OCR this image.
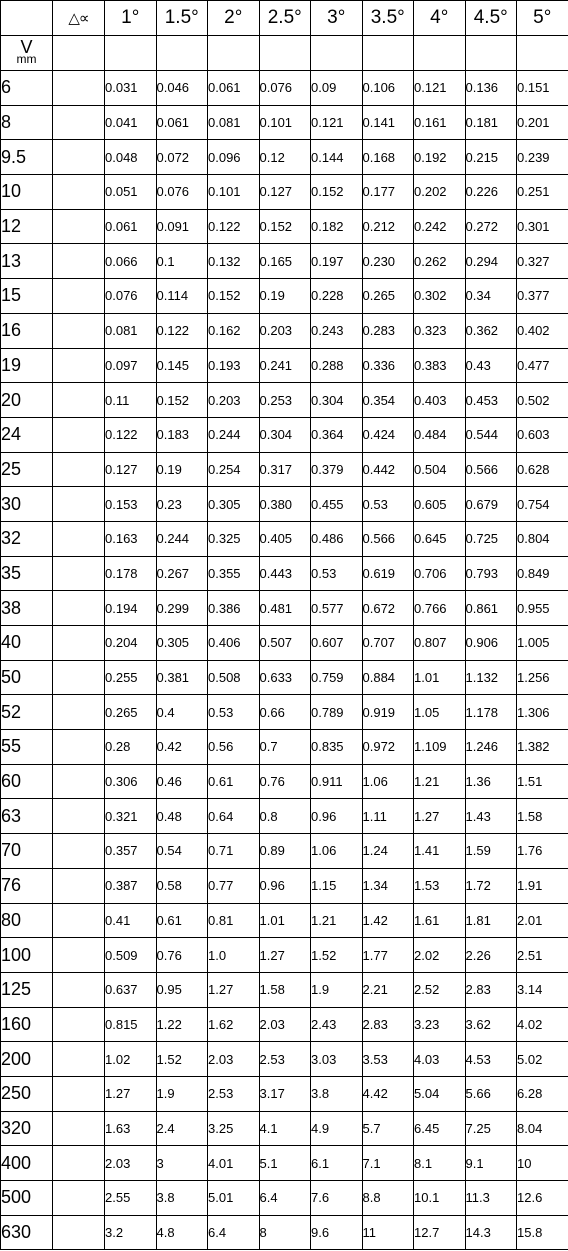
	△∝	1°	1.5°	2°	2.5°	3°	3.5°	4°	4.5°	5°

V
mm										

6		0.031	0.046	0.061	0.076	0.09	0.106	0.121	0.136	0.151
8		0.041	0.061	0.081	0.101	0.121	0.141	0.161	0.181	0.201
9.5		0.048	0.072	0.096	0.12	0.144	0.168	0.192	0.215	0.239
10		0.051	0.076	0.101	0.127	0.152	0.177	0.202	0.226	0.251
12		0.061	0.091	0.122	0.152	0.182	0.212	0.242	0.272	0.301
13		0.066	0.1	0.132	0.165	0.197	0.230	0.262	0.294	0.327
15		0.076	0.114	0.152	0.19	0.228	0.265	0.302	0.34	0.377
16		0.081	0.122	0.162	0.203	0.243	0.283	0.323	0.362	0.402
19		0.097	0.145	0.193	0.241	0.288	0.336	0.383	0.43	0.477
20		0.11	0.152	0.203	0.253	0.304	0.354	0.403	0.453	0.502
24		0.122	0.183	0.244	0.304	0.364	0.424	0.484	0.544	0.603
25		0.127	0.19	0.254	0.317	0.379	0.442	0.504	0.566	0.628
30		0.153	0.23	0.305	0.380	0.455	0.53	0.605	0.679	0.754
32		0.163	0.244	0.325	0.405	0.486	0.566	0.645	0.725	0.804
35		0.178	0.267	0.355	0.443	0.53	0.619	0.706	0.793	0.849
38		0.194	0.299	0.386	0.481	0.577	0.672	0.766	0.861	0.955
40		0.204	0.305	0.406	0.507	0.607	0.707	0.807	0.906	1.005
50		0.255	0.381	0.508	0.633	0.759	0.884	1.01	1.132	1.256
52		0.265	0.4	0.53	0.66	0.789	0.919	1.05	1.178	1.306
55		0.28	0.42	0.56	0.7	0.835	0.972	1.109	1.246	1.382
60		0.306	0.46	0.61	0.76	0.911	1.06	1.21	1.36	1.51
63		0.321	0.48	0.64	0.8	0.96	1.11	1.27	1.43	1.58
70		0.357	0.54	0.71	0.89	1.06	1.24	1.41	1.59	1.76
76		0.387	0.58	0.77	0.96	1.15	1.34	1.53	1.72	1.91
80		0.41	0.61	0.81	1.01	1.21	1.42	1.61	1.81	2.01
100		0.509	0.76	1.0	1.27	1.52	1.77	2.02	2.26	2.51
125		0.637	0.95	1.27	1.58	1.9	2.21	2.52	2.83	3.14
160		0.815	1.22	1.62	2.03	2.43	2.83	3.23	3.62	4.02
200		1.02	1.52	2.03	2.53	3.03	3.53	4.03	4.53	5.02
250		1.27	1.9	2.53	3.17	3.8	4.42	5.04	5.66	6.28
320		1.63	2.4	3.25	4.1	4.9	5.7	6.45	7.25	8.04
400		2.03	3	4.01	5.1	6.1	7.1	8.1	9.1	10
500		2.55	3.8	5.01	6.4	7.6	8.8	10.1	11.3	12.6
630		3.2	4.8	6.4	8	9.6	11	12.7	14.3	15.8
